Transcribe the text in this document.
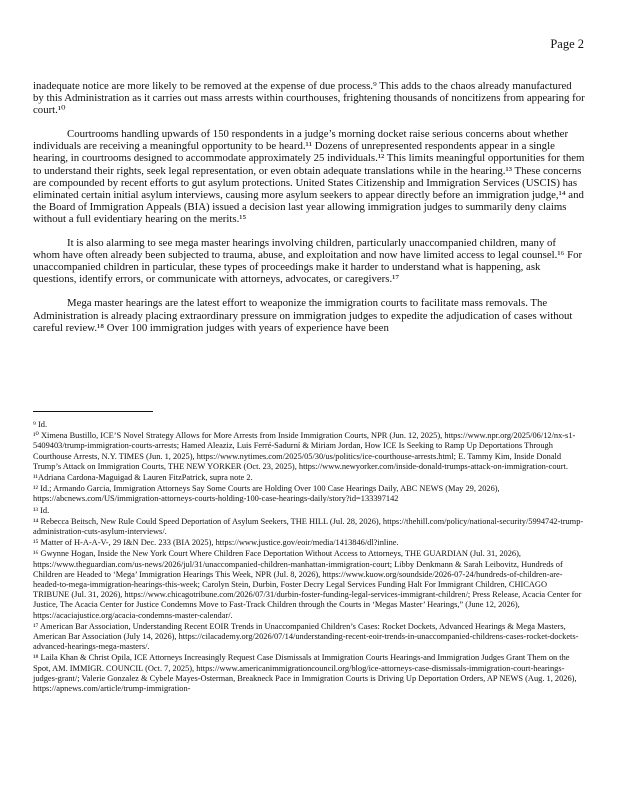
Page 2

inadequate notice are more likely to be removed at the expense of due process.⁹ This adds to the chaos already manufactured by this Administration as it carries out mass arrests within courthouses, frightening thousands of noncitizens from appearing for court.¹⁰

Courtrooms handling upwards of 150 respondents in a judge’s morning docket raise serious concerns about whether individuals are receiving a meaningful opportunity to be heard.¹¹ Dozens of unrepresented respondents appear in a single hearing, in courtrooms designed to accommodate approximately 25 individuals.¹² This limits meaningful opportunities for them to understand their rights, seek legal representation, or even obtain adequate translations while in the hearing.¹³ These concerns are compounded by recent efforts to gut asylum protections. United States Citizenship and Immigration Services (USCIS) has eliminated certain initial asylum interviews, causing more asylum seekers to appear directly before an immigration judge,¹⁴ and the Board of Immigration Appeals (BIA) issued a decision last year allowing immigration judges to summarily deny claims without a full evidentiary hearing on the merits.¹⁵

It is also alarming to see mega master hearings involving children, particularly unaccompanied children, many of whom have often already been subjected to trauma, abuse, and exploitation and now have limited access to legal counsel.¹⁶ For unaccompanied children in particular, these types of proceedings make it harder to understand what is happening, ask questions, identify errors, or communicate with attorneys, advocates, or caregivers.¹⁷

Mega master hearings are the latest effort to weaponize the immigration courts to facilitate mass removals. The Administration is already placing extraordinary pressure on immigration judges to expedite the adjudication of cases without careful review.¹⁸ Over 100 immigration judges with years of experience have been

⁹ Id.
¹⁰ Ximena Bustillo, ICE’S Novel Strategy Allows for More Arrests from Inside Immigration Courts, NPR (Jun. 12, 2025), https://www.npr.org/2025/06/12/nx-s1-5409403/trump-immigration-courts-arrests; Hamed Aleaziz, Luis Ferré-Sadurní & Miriam Jordan, How ICE Is Seeking to Ramp Up Deportations Through Courthouse Arrests, N.Y. TIMES (Jun. 1, 2025), https://www.nytimes.com/2025/05/30/us/politics/ice-courthouse-arrests.html; E. Tammy Kim, Inside Donald Trump’s Attack on Immigration Courts, THE NEW YORKER (Oct. 23, 2025), https://www.newyorker.com/inside-donald-trumps-attack-on-immigration-court.
¹¹Adriana Cardona-Maguigad & Lauren FitzPatrick, supra note 2.
¹² Id.; Armando Garcia, Immigration Attorneys Say Some Courts are Holding Over 100 Case Hearings Daily, ABC NEWS (May 29, 2026), https://abcnews.com/US/immigration-attorneys-courts-holding-100-case-hearings-daily/story?id=133397142
¹³ Id.
¹⁴ Rebecca Beitsch, New Rule Could Speed Deportation of Asylum Seekers, THE HILL (Jul. 28, 2026), https://thehill.com/policy/national-security/5994742-trump-administration-cuts-asylum-interviews/.
¹⁵ Matter of H-A-A-V-, 29 I&N Dec. 233 (BIA 2025), https://www.justice.gov/eoir/media/1413846/dl?inline.
¹⁶ Gwynne Hogan, Inside the New York Court Where Children Face Deportation Without Access to Attorneys, THE GUARDIAN (Jul. 31, 2026), https://www.theguardian.com/us-news/2026/jul/31/unaccompanied-children-manhattan-immigration-court; Libby Denkmann & Sarah Leibovitz, Hundreds of Children are Headed to ‘Mega’ Immigration Hearings This Week, NPR (Jul. 8, 2026), https://www.kuow.org/soundside/2026-07-24/hundreds-of-children-are-headed-to-mega-immigration-hearings-this-week; Carolyn Stein, Durbin, Foster Decry Legal Services Funding Halt For Immigrant Children, CHICAGO TRIBUNE (Jul. 31, 2026), https://www.chicagotribune.com/2026/07/31/durbin-foster-funding-legal-services-immigrant-children/; Press Release, Acacia Center for Justice, The Acacia Center for Justice Condemns Move to Fast-Track Children through the Courts in ‘Megas Master’ Hearings,” (June 12, 2026), https://acaciajustice.org/acacia-condemns-master-calendar/.
¹⁷ American Bar Association, Understanding Recent EOIR Trends in Unaccompanied Children’s Cases: Rocket Dockets, Advanced Hearings & Mega Masters, American Bar Association (July 14, 2026), https://cilacademy.org/2026/07/14/understanding-recent-eoir-trends-in-unaccompanied-childrens-cases-rocket-dockets-advanced-hearings-mega-masters/.
¹⁸ Laila Khan & Christ Opila, ICE Attorneys Increasingly Request Case Dismissals at Immigration Courts Hearings-and Immigration Judges Grant Them on the Spot, AM. IMMIGR. COUNCIL (Oct. 7, 2025), https://www.americanimmigrationcouncil.org/blog/ice-attorneys-case-dismissals-immigration-court-hearings-judges-grant/; Valerie Gonzalez & Cybele Mayes-Osterman, Breakneck Pace in Immigration Courts is Driving Up Deportation Orders, AP NEWS (Aug. 1, 2026), https://apnews.com/article/trump-immigration-
